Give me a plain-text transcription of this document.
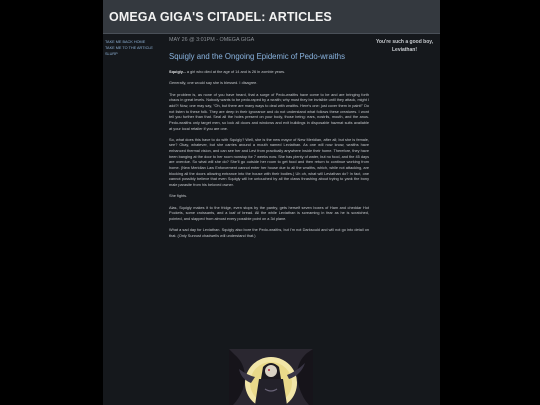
OMEGA GIGA'S CITADEL: ARTICLES
TAKE ME BACK HOME
TAKE ME TO THE ARTICLE SLURP
MAY 26 @ 3:01PM - OMEGA GIGA
Squigly and the Ongoing Epidemic of Pedo-wraiths

Squigly... a girl who died at the age of 14 and is 26 in zombie years.

Generally, one would say she is blessed. I disagree.

The problem is, as none of you have heard, that a surge of Pedo-wraiths have come to be and are bringing forth chaos in great levels. Nobody wants to be pedo-raped by a wraith; why must they be invisible until they attack, might I add?! Now, one may say, "Oh, but there are many ways to deal with wraiths. Here's one: just cover them in paint!" Do not listen to these folk. They are deep in their ignorance and do not understand what follows these creatures. I wont tell you further than that. Seal all the holes present on your body, those being: ears, nostrils, mouth, and the anus. Pedo-wraiths only target men, so lock all doors and windows and exit buildings in disposable hazmat suits available at your local retailer if you are one.

So, what does this have to do with Squigly? Well, she is the new mayor of New Meridian, after all; but she is female, see? Okay, whatever, but she carries around a mouth named Leviathan. As one will now know, wraiths have enhanced thermal vision, and can see her and Levi from practically anywhere inside their home. Therefore, they have been banging at the door to her room nonstop for 7 weeks now. She has plenty of water, but no food, and the 45 days are overdue. So what will she do? She'll go outside her room to get food and then return to continue working from home. (New Meridian Law Enforcement cannot enter her house due to all the wraiths, which, while not attacking, are blocking all the doors allowing entrance into the house with their bodies.) Uh oh, what will Leviathan do? In fact, one cannot possibly believe that even Squigly will be untouched by all the claws thrashing about trying to yank the bony male parasite from his beloved owner.

She fights.

Alas, Squigly makes it to the fridge, even stops by the pantry, gets herself seven boxes of Ham and cheddar Hot Pockets, some croissants, and a loaf of bread. All the while Leviathan is screaming in fear as he is scratched, pointed, and slapped from almost every possible point on a 3d plane.

What a sad day for Leviathan. Squigly also bore the Pedo-wraiths, but I'm not Darksould and will not go into detail on that. (Only Sunrust chadwells will understand that.)

You're such a good boy, Leviathan!
